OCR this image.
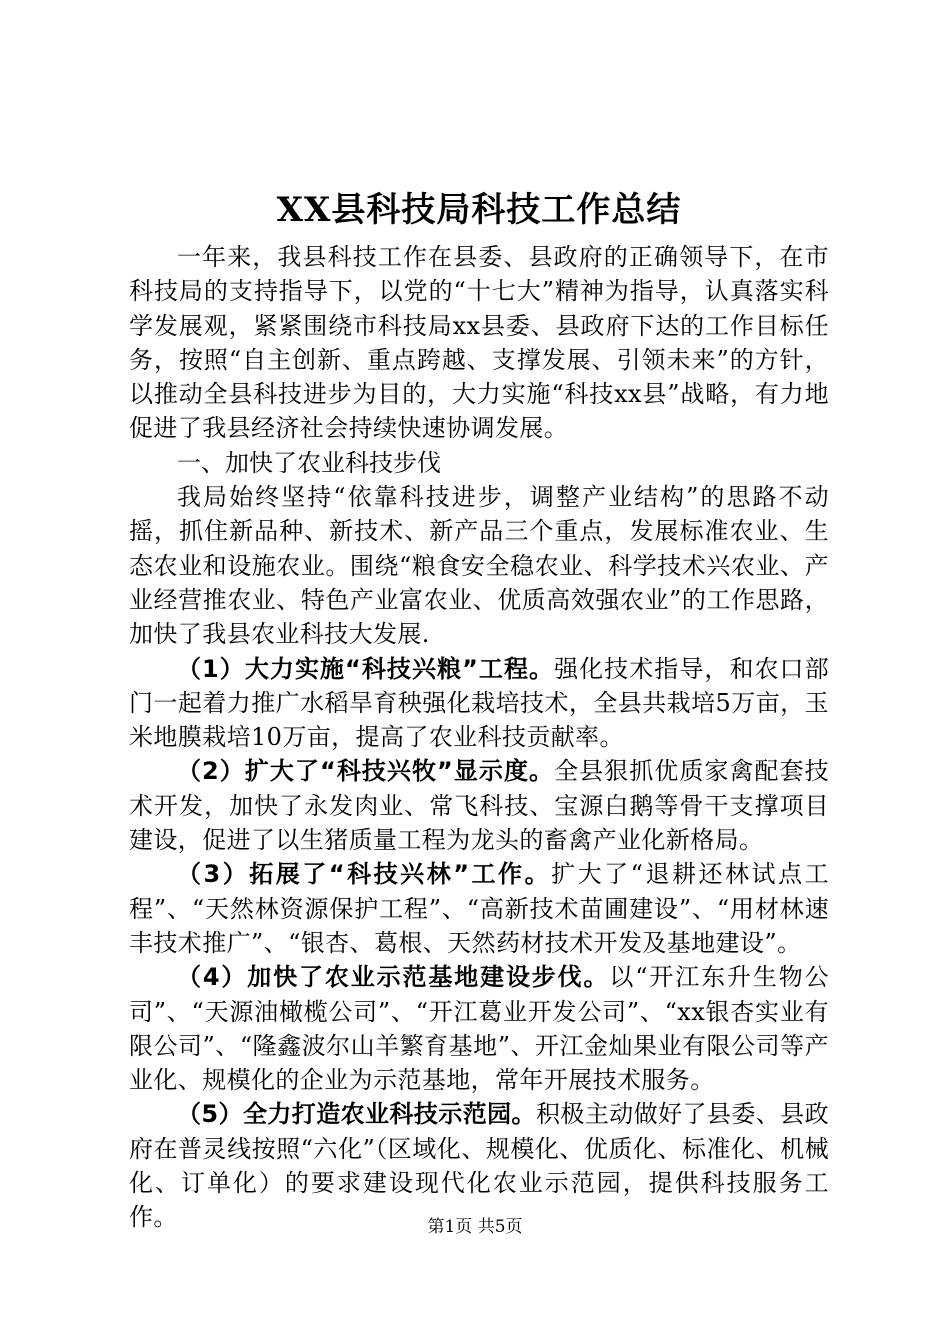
XX县科技局科技工作总结

一年来，我县科技工作在县委、县政府的正确领导下，在市科技局的支持指导下，以党的“十七大”精神为指导，认真落实科学发展观，紧紧围绕市科技局xx县委、县政府下达的工作目标任务，按照“自主创新、重点跨越、支撑发展、引领未来”的方针，以推动全县科技进步为目的，大力实施“科技xx县”战略，有力地促进了我县经济社会持续快速协调发展。

一、加快了农业科技步伐

我局始终坚持“依靠科技进步，调整产业结构”的思路不动摇，抓住新品种、新技术、新产品三个重点，发展标准农业、生态农业和设施农业。围绕“粮食安全稳农业、科学技术兴农业、产业经营推农业、特色产业富农业、优质高效强农业”的工作思路，加快了我县农业科技大发展.

（1）大力实施“科技兴粮”工程。强化技术指导，和农口部门一起着力推广水稻旱育秧强化栽培技术，全县共栽培5万亩，玉米地膜栽培10万亩，提高了农业科技贡献率。

（2）扩大了“科技兴牧”显示度。全县狠抓优质家禽配套技术开发，加快了永发肉业、常飞科技、宝源白鹅等骨干支撑项目建设，促进了以生猪质量工程为龙头的畜禽产业化新格局。

（3）拓展了“科技兴林”工作。扩大了“退耕还林试点工程”、“天然林资源保护工程”、“高新技术苗圃建设”、“用材林速丰技术推广”、“银杏、葛根、天然药材技术开发及基地建设”。

（4）加快了农业示范基地建设步伐。以“开江东升生物公司”、“天源油橄榄公司”、“开江葛业开发公司”、“xx银杏实业有限公司”、“隆鑫波尔山羊繁育基地”、开江金灿果业有限公司等产业化、规模化的企业为示范基地，常年开展技术服务。

（5）全力打造农业科技示范园。积极主动做好了县委、县政府在普灵线按照“六化”（区域化、规模化、优质化、标准化、机械化、订单化）的要求建设现代化农业示范园，提供科技服务工作。	第1页 共5页
